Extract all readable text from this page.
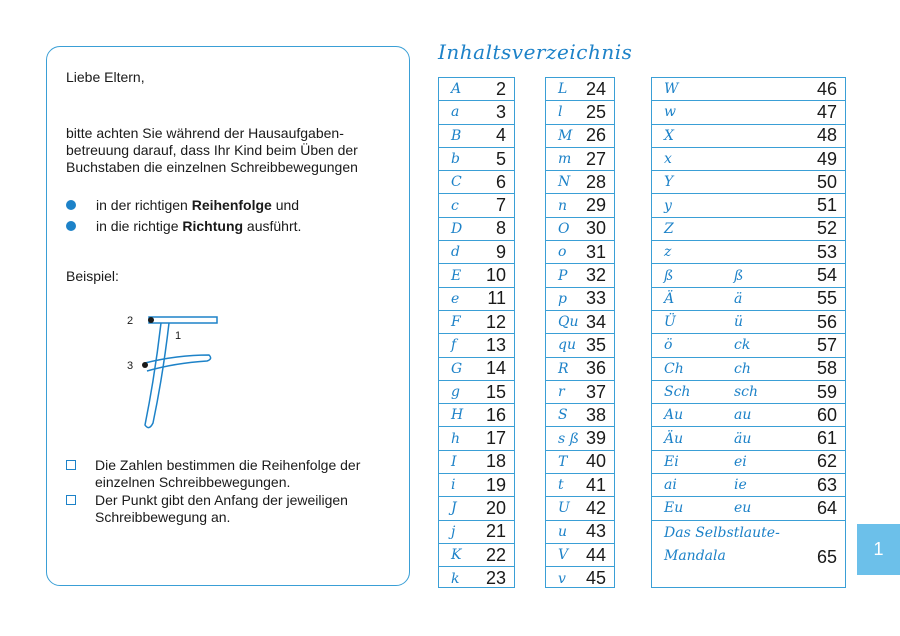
Liebe Eltern,
bitte achten Sie während der Hausaufgabenbetreuung darauf, dass Ihr Kind beim Üben der Buchstaben die einzelnen Schreibbewegungen
in der richtigen Reihenfolge und
in die richtige Richtung ausführt.
Beispiel:
2
1
3
Die Zahlen bestimmen die Reihenfolge der einzelnen Schreibbewegungen.
Der Punkt gibt den Anfang der jeweiligen Schreibbewegung an.
Inhaltsverzeichnis
A 2
a 3
B 4
b 5
C 6
c 7
D 8
d 9
E 10
e 11
F 12
f 13
G 14
g 15
H 16
h 17
I 18
i 19
J 20
j 21
K 22
k 23
L 24
l 25
M 26
m 27
N 28
n 29
O 30
o 31
P 32
p 33
Qu 34
qu 35
R 36
r 37
S 38
s ß 39
T 40
t 41
U 42
u 43
V 44
v 45
W	46
w	47
X	48
x	49
Y	50
y	51
Z	52
z	53
ß	ß	54
Ä	ä	55
Ü	ü	56
ö	ck	57
Ch	ch	58
Sch	sch	59
Au	au	60
Äu	äu	61
Ei	ei	62
ai	ie	63
Eu	eu	64
Das Selbstlaute-
Mandala	65	1
